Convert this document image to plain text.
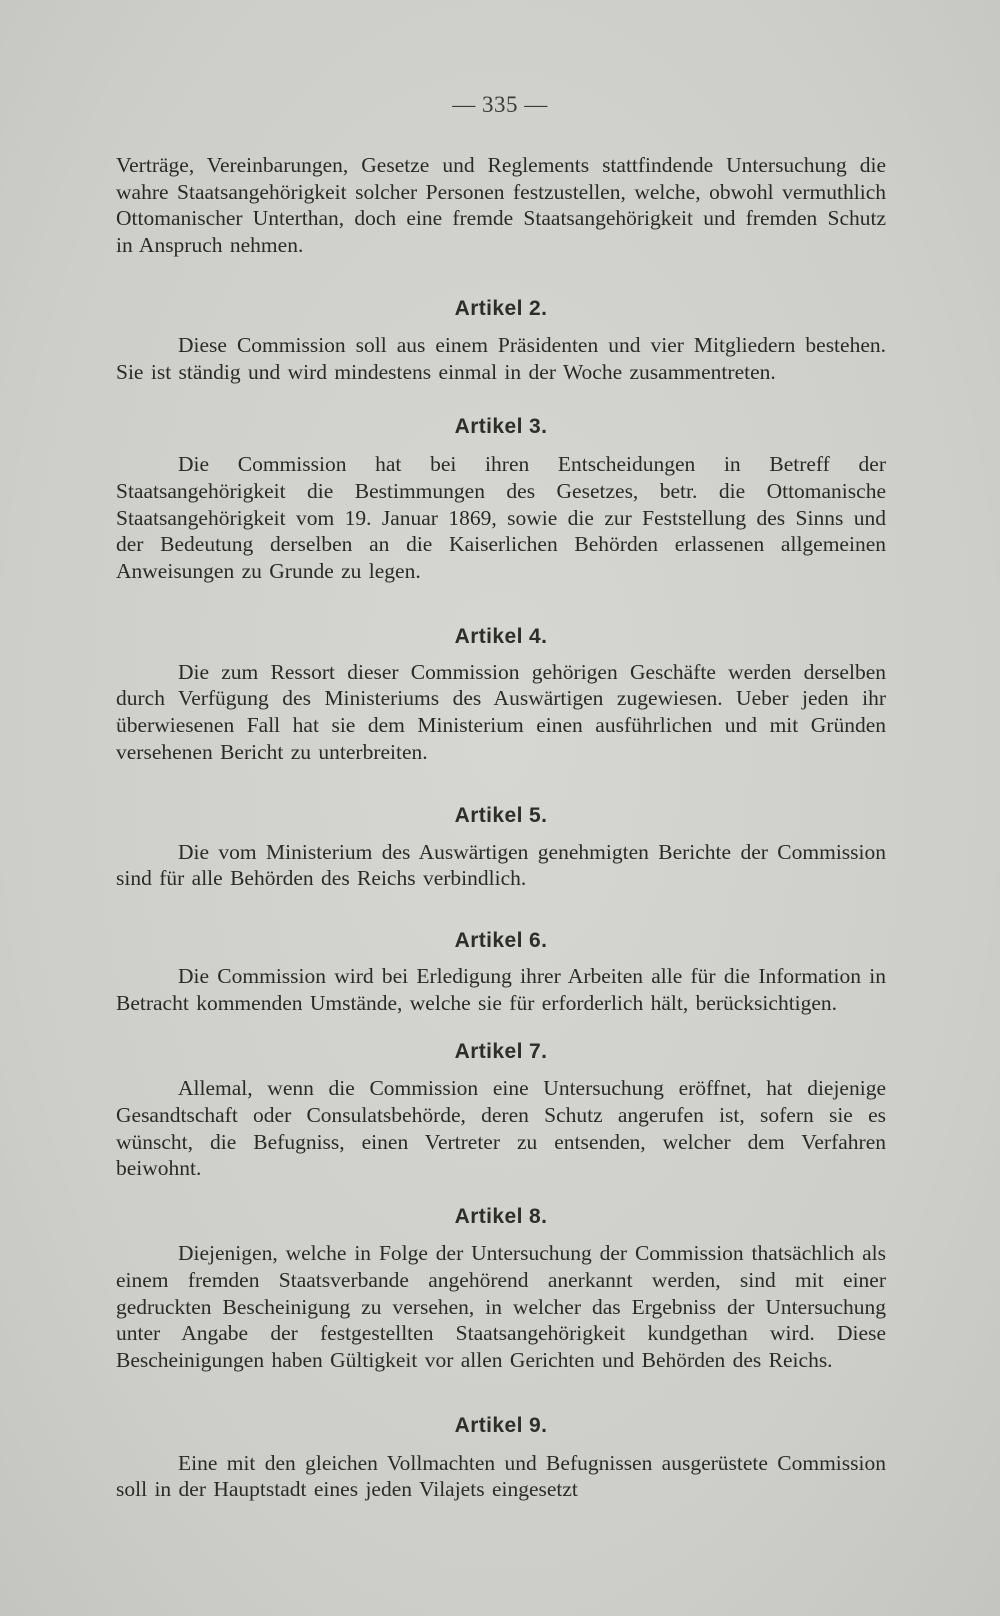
— 335 —

Verträge, Vereinbarungen, Gesetze und Reglements stattfindende Untersuchung die wahre Staatsangehörigkeit solcher Personen festzustellen, welche, obwohl vermuthlich Ottomanischer Unterthan, doch eine fremde Staatsangehörigkeit und fremden Schutz in Anspruch nehmen.

Artikel 2.

Diese Commission soll aus einem Präsidenten und vier Mitgliedern bestehen. Sie ist ständig und wird mindestens einmal in der Woche zusammentreten.

Artikel 3.

Die Commission hat bei ihren Entscheidungen in Betreff der Staatsangehörigkeit die Bestimmungen des Gesetzes, betr. die Ottomanische Staatsangehörigkeit vom 19. Januar 1869, sowie die zur Feststellung des Sinns und der Bedeutung derselben an die Kaiserlichen Behörden erlassenen allgemeinen Anweisungen zu Grunde zu legen.

Artikel 4.

Die zum Ressort dieser Commission gehörigen Geschäfte werden derselben durch Verfügung des Ministeriums des Auswärtigen zugewiesen. Ueber jeden ihr überwiesenen Fall hat sie dem Ministerium einen ausführlichen und mit Gründen versehenen Bericht zu unterbreiten.

Artikel 5.

Die vom Ministerium des Auswärtigen genehmigten Berichte der Commission sind für alle Behörden des Reichs verbindlich.

Artikel 6.

Die Commission wird bei Erledigung ihrer Arbeiten alle für die Information in Betracht kommenden Umstände, welche sie für erforderlich hält, berücksichtigen.

Artikel 7.

Allemal, wenn die Commission eine Untersuchung eröffnet, hat diejenige Gesandtschaft oder Consulatsbehörde, deren Schutz angerufen ist, sofern sie es wünscht, die Befugniss, einen Vertreter zu entsenden, welcher dem Verfahren beiwohnt.

Artikel 8.

Diejenigen, welche in Folge der Untersuchung der Commission thatsächlich als einem fremden Staatsverbande angehörend anerkannt werden, sind mit einer gedruckten Bescheinigung zu versehen, in welcher das Ergebniss der Untersuchung unter Angabe der festgestellten Staatsangehörigkeit kundgethan wird. Diese Bescheinigungen haben Gültigkeit vor allen Gerichten und Behörden des Reichs.

Artikel 9.

Eine mit den gleichen Vollmachten und Befugnissen ausgerüstete Commission soll in der Hauptstadt eines jeden Vilajets eingesetzt
